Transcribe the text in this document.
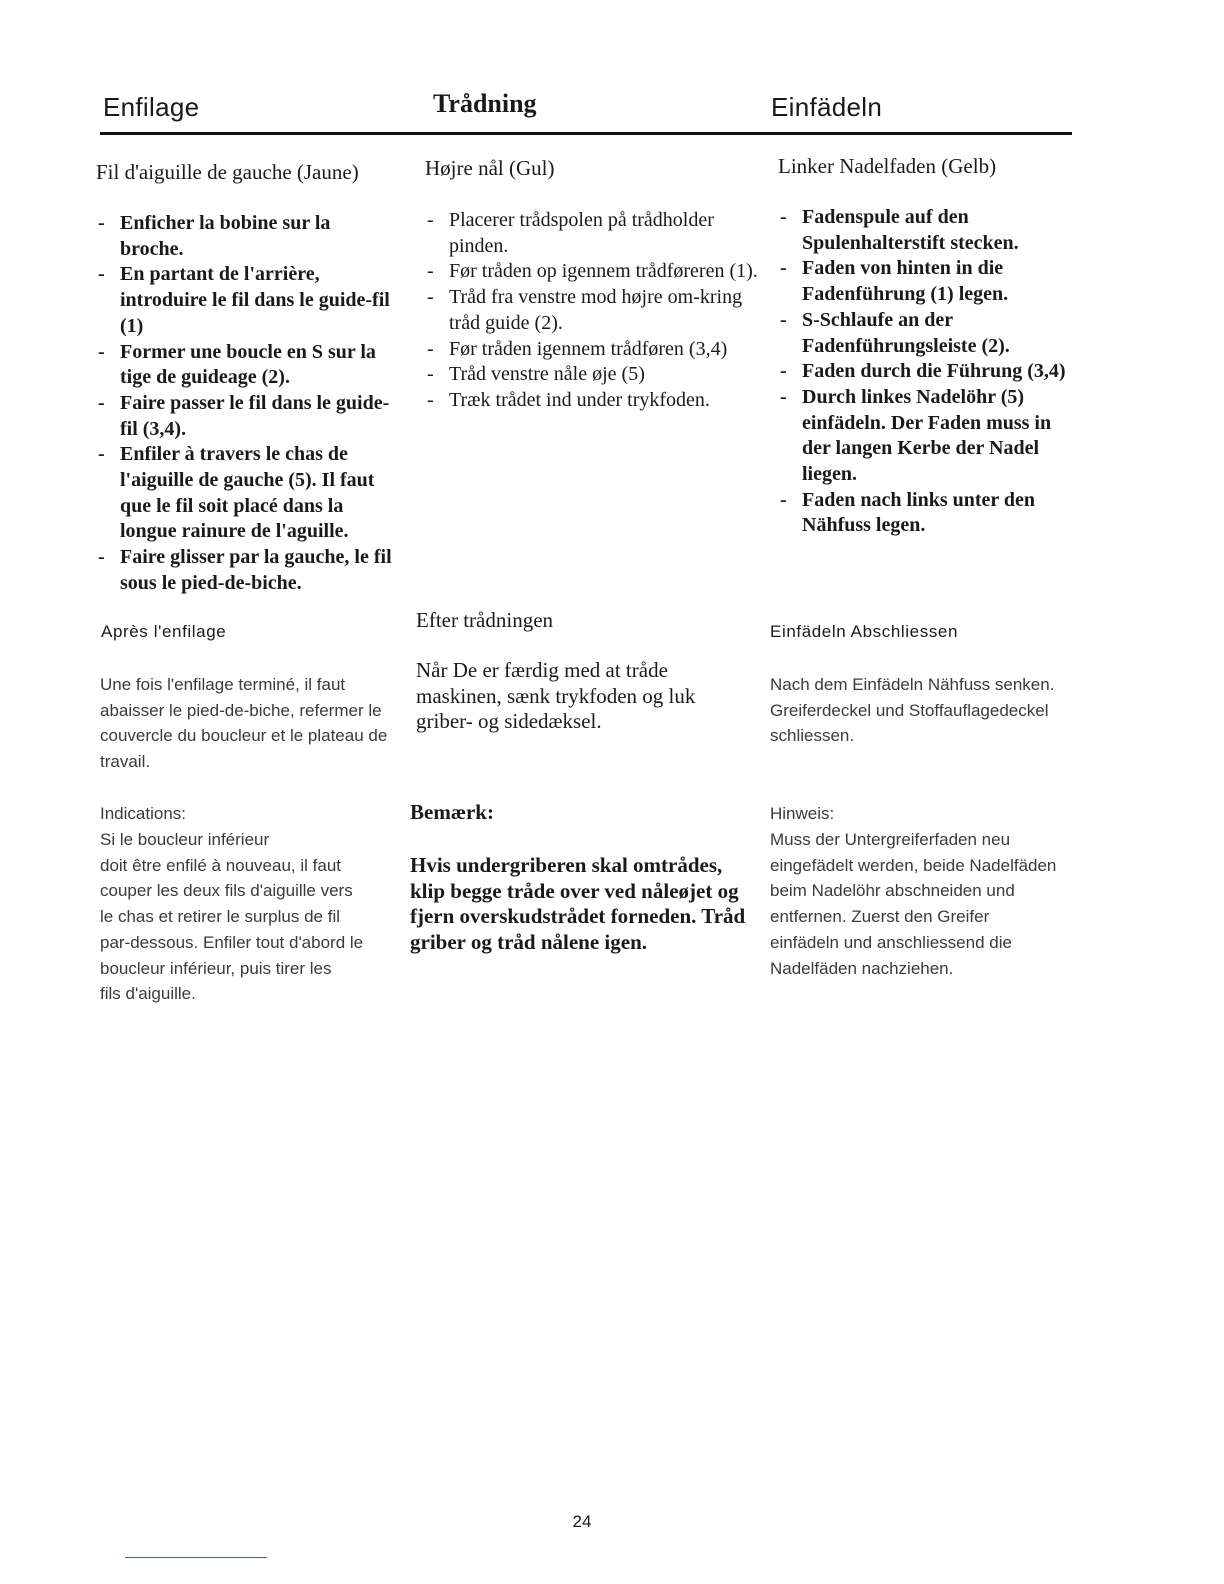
Enfilage	Trådning	Einfädeln

Fil d'aiguille de gauche (Jaune)

- Enficher la bobine sur la broche.
- En partant de l'arrière, introduire le fil dans le guide-fil (1)
- Former une boucle en S sur la tige de guideage (2).
- Faire passer le fil dans le guide-fil (3,4).
- Enfiler à travers le chas de l'aiguille de gauche (5). Il faut que le fil soit placé dans la longue rainure de l'aguille.
- Faire glisser par la gauche, le fil sous le pied-de-biche.

Après l'enfilage

Une fois l'enfilage terminé, il faut abaisser le pied-de-biche, refermer le couvercle du boucleur et le plateau de travail.

Indications:

Si le boucleur inférieur
doit être enfilé à nouveau, il faut
couper les deux fils d'aiguille vers
le chas et retirer le surplus de fil
par-dessous. Enfiler tout d'abord le
boucleur inférieur, puis tirer les
fils d'aiguille.

Højre nål (Gul)

- Placerer trådspolen på trådholder pinden.
- Før tråden op igennem trådføreren (1).
- Tråd fra venstre mod højre om-kring tråd guide (2).
- Før tråden igennem trådføren (3,4)
- Tråd venstre nåle øje (5)
- Træk trådet ind under trykfoden.

Efter trådningen

Når De er færdig med at tråde maskinen, sænk trykfoden og luk griber- og sidedæksel.

Bemærk:

Hvis undergriberen skal omtrådes, klip begge tråde over ved nåleøjet og fjern overskudstrådet forneden. Tråd griber og tråd nålene igen.

Linker Nadelfaden (Gelb)

- Fadenspule auf den Spulenhalterstift stecken.
- Faden von hinten in die Fadenführung (1) legen.
- S-Schlaufe an der Fadenführungsleiste (2).
- Faden durch die Führung (3,4)
- Durch linkes Nadelöhr (5) einfädeln. Der Faden muss in der langen Kerbe der Nadel liegen.
- Faden nach links unter den Nähfuss legen.

Einfädeln Abschliessen

Nach dem Einfädeln Nähfuss senken. Greiferdeckel und Stoffauflagedeckel schliessen.

Hinweis:

Muss der Untergreiferfaden neu eingefädelt werden, beide Nadelfäden beim Nadelöhr abschneiden und entfernen. Zuerst den Greifer einfädeln und anschliessend die Nadelfäden nachziehen.

24
